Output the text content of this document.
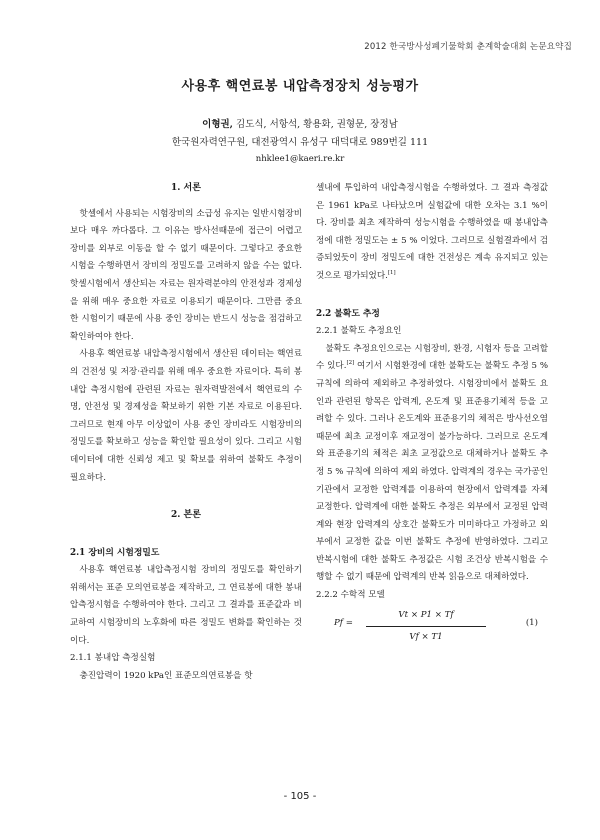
2012 한국방사성폐기물학회 춘계학술대회 논문요약집
사용후 핵연료봉 내압측정장치 성능평가
이형권, 김도식, 서항석, 황용화, 권형문, 장정남
한국원자력연구원, 대전광역시 유성구 대덕대로 989번길 111
nhklee1@kaeri.re.kr
1. 서론

핫셀에서 사용되는 시험장비의 소급성 유지는 일반시험장비보다 매우 까다롭다. 그 이유는 방사선때문에 접근이 어렵고 장비를 외부로 이동을 할 수 없기 때문이다. 그렇다고 중요한 시험을 수행하면서 장비의 정밀도를 고려하지 않을 수는 없다. 핫셀시험에서 생산되는 자료는 원자력분야의 안전성과 경제성을 위해 매우 중요한 자료로 이용되기 때문이다. 그만큼 중요한 시험이기 때문에 사용 중인 장비는 반드시 성능을 점검하고 확인하여야 한다.

사용후 핵연료봉 내압측정시험에서 생산된 데이터는 핵연료의 건전성 및 저장·관리를 위해 매우 중요한 자료이다. 특히 봉내압 측정시험에 관련된 자료는 원자력발전에서 핵연료의 수명, 안전성 및 경제성을 확보하기 위한 기본 자료로 이용된다. 그러므로 현재 아무 이상없이 사용 중인 장비라도 시험장비의 정밀도를 확보하고 성능을 확인할 필요성이 있다. 그리고 시험데이터에 대한 신뢰성 제고 및 확보를 위하여 불확도 추정이 필요하다.

2. 본론
2.1 장비의 시험정밀도

사용후 핵연료봉 내압측정시험 장비의 정밀도를 확인하기 위해서는 표준 모의연료봉을 제작하고, 그 연료봉에 대한 봉내압측정시험을 수행하여야 한다. 그리고 그 결과를 표준값과 비교하여 시험장비의 노후화에 따른 정밀도 변화를 확인하는 것이다.

2.1.1 봉내압 측정실험

충진압력이 1920 kPa인 표준모의연료봉을 핫

셀내에 투입하여 내압측정시험을 수행하였다. 그 결과 측정값은 1961 kPa로 나타났으며 실험값에 대한 오차는 3.1 %이다. 장비를 최초 제작하여 성능시험을 수행하였을 때 봉내압측정에 대한 정밀도는 ± 5 % 이었다. 그러므로 실험결과에서 검증되었듯이 장비 정밀도에 대한 건전성은 계속 유지되고 있는 것으로 평가되었다.[1]

2.2 불확도 추정
2.2.1 불확도 추정요인

불확도 추정요인으로는 시험장비, 환경, 시험자 등을 고려할 수 있다.[2] 여기서 시험환경에 대한 불확도는 불확도 추정 5 % 규칙에 의하여 제외하고 추정하였다. 시험장비에서 불확도 요인과 관련된 항목은 압력계, 온도계 및 표준용기체적 등을 고려할 수 있다. 그러나 온도계와 표준용기의 체적은 방사선오염 때문에 최초 교정이후 재교정이 불가능하다. 그러므로 온도계와 표준용기의 체적은 최초 교정값으로 대체하거나 불확도 추정 5 % 규칙에 의하여 제외 하였다. 압력계의 경우는 국가공인기관에서 교정한 압력계를 이용하여 현장에서 압력계를 자체 교정한다. 압력계에 대한 불확도 추정은 외부에서 교정된 압력계와 현장 압력계의 상호간 불확도가 미미하다고 가정하고 외부에서 교정한 값을 이번 불확도 추정에 반영하였다. 그리고 반복시험에 대한 불확도 추정값은 시험 조건상 반복시험을 수행할 수 없기 때문에 압력계의 반복 읽음으로 대체하였다.

2.2.2 수학적 모델
$Pf = \frac{Vt \times P1 \times Tf}{Vf \times T1}$	(1)
- 105 -
